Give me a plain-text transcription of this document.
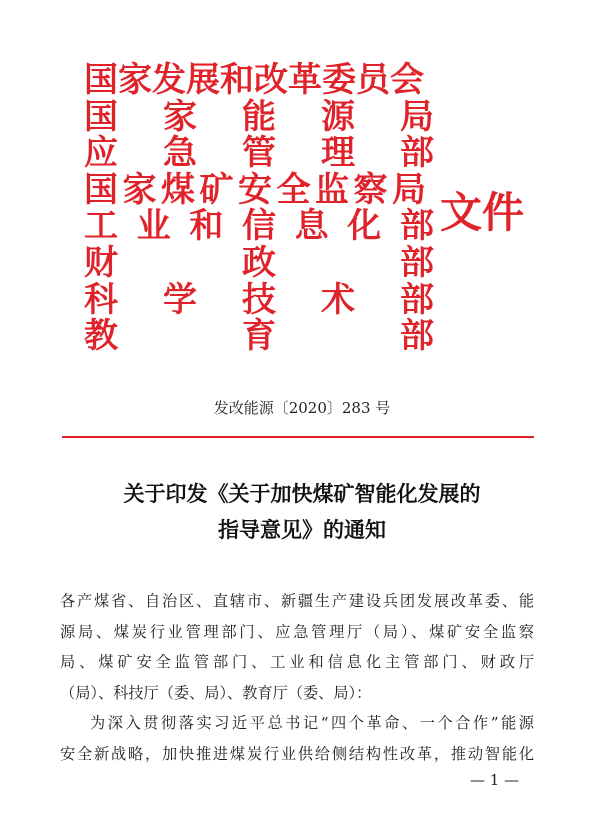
国家发展和改革委员会
国 家 能 源 局
应 急 管 理 部
国家煤矿安全监察局
工 业 和 信 息 化 部
财	政	部
科 学 技 术 部
教	育	部
文件
发改能源〔2020〕283 号
关于印发《关于加快煤矿智能化发展的
指导意见》的通知

各产煤省、自治区、直辖市、新疆生产建设兵团发展改革委、能

源局、煤炭行业管理部门、应急管理厅（局）、煤矿安全监察

局、煤矿安全监管部门、工业和信息化主管部门、财政厅

（局）、科技厅（委、局）、教育厅（委、局）：

为深入贯彻落实习近平总书记“四个革命、一个合作”能源

安全新战略，加快推进煤炭行业供给侧结构性改革，推动智能化

— 1 —
